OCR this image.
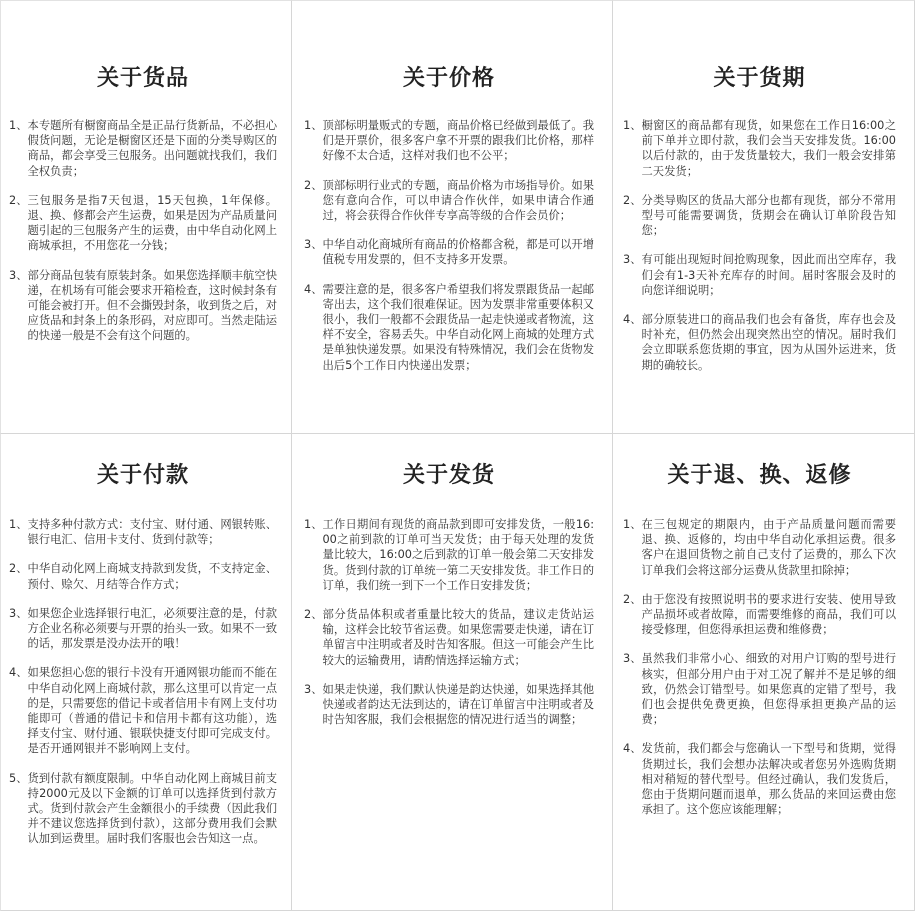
关于货品
1 、	本专题所有橱窗商品全是正品行货新品，不必担心假货问题，无论是橱窗区还是下面的分类导购区的商品，都会享受三包服务。出问题就找我们，我们全权负责；
2 、	三包服务是指7天包退，15天包换，1年保修。退、换、修都会产生运费，如果是因为产品质量问题引起的三包服务产生的运费，由中华自动化网上商城承担，不用您花一分钱；
3 、	部分商品包装有原装封条。如果您选择顺丰航空快递，在机场有可能会要求开箱检查，这时候封条有可能会被打开。但不会撕毁封条，收到货之后，对应货品和封条上的条形码，对应即可。当然走陆运的快递一般是不会有这个问题的。
关于价格
1 、	顶部标明量贩式的专题，商品价格已经做到最低了。我们是开票价，很多客户拿不开票的跟我们比价格，那样好像不太合适，这样对我们也不公平；
2 、	顶部标明行业式的专题，商品价格为市场指导价。如果您有意向合作，可以申请合作伙伴，如果申请合作通过，将会获得合作伙伴专享高等级的合作会员价；
3 、	中华自动化商城所有商品的价格都含税，都是可以开增值税专用发票的，但不支持多开发票。
4 、	需要注意的是，很多客户希望我们将发票跟货品一起邮寄出去，这个我们很难保证。因为发票非常重要体积又很小，我们一般都不会跟货品一起走快递或者物流，这样不安全，容易丢失。中华自动化网上商城的处理方式是单独快递发票。如果没有特殊情况，我们会在货物发出后5个工作日内快递出发票；
关于货期
1 、	橱窗区的商品都有现货，如果您在工作日16:00之前下单并立即付款，我们会当天安排发货。16:00以后付款的，由于发货量较大，我们一般会安排第二天发货；
2 、	分类导购区的货品大部分也都有现货，部分不常用型号可能需要调货，货期会在确认订单阶段告知您；
3 、	有可能出现短时间抢购现象，因此而出空库存，我们会有1-3天补充库存的时间。届时客服会及时的向您详细说明；
4 、	部分原装进口的商品我们也会有备货，库存也会及时补充，但仍然会出现突然出空的情况。届时我们会立即联系您货期的事宜，因为从国外运进来，货期的确较长。
关于付款
1 、	支持多种付款方式：支付宝、财付通、网银转账、银行电汇、信用卡支付、货到付款等；
2 、	中华自动化网上商城支持款到发货，不支持定金、预付、赊欠、月结等合作方式；
3 、	如果您企业选择银行电汇，必须要注意的是，付款方企业名称必须要与开票的抬头一致。如果不一致的话，那发票是没办法开的哦！
4 、	如果您担心您的银行卡没有开通网银功能而不能在中华自动化网上商城付款，那么这里可以肯定一点的是，只需要您的借记卡或者信用卡有网上支付功能即可（普通的借记卡和信用卡都有这功能），选择支付宝、财付通、银联快捷支付即可完成支付。是否开通网银并不影响网上支付。
5 、	货到付款有额度限制。中华自动化网上商城目前支持2000元及以下金额的订单可以选择货到付款方式。货到付款会产生金额很小的手续费（因此我们并不建议您选择货到付款），这部分费用我们会默认加到运费里。届时我们客服也会告知这一点。
关于发货
1 、	工作日期间有现货的商品款到即可安排发货，一般16:00之前到款的订单可当天发货；由于每天处理的发货量比较大，16:00之后到款的订单一般会第二天安排发货。货到付款的订单统一第二天安排发货。非工作日的订单，我们统一到下一个工作日安排发货；
2 、	部分货品体积或者重量比较大的货品，建议走货站运输，这样会比较节省运费。如果您需要走快递，请在订单留言中注明或者及时告知客服。但这一可能会产生比较大的运输费用，请酌情选择运输方式；
3 、	如果走快递，我们默认快递是韵达快递，如果选择其他快递或者韵达无法到达的，请在订单留言中注明或者及时告知客服，我们会根据您的情况进行适当的调整；
关于退、换、返修
1 、	在三包规定的期限内，由于产品质量问题而需要退、换、返修的，均由中华自动化承担运费。很多客户在退回货物之前自己支付了运费的，那么下次订单我们会将这部分运费从货款里扣除掉；
2 、	由于您没有按照说明书的要求进行安装、使用导致产品损坏或者故障，而需要维修的商品，我们可以接受修理，但您得承担运费和维修费；
3 、	虽然我们非常小心、细致的对用户订购的型号进行核实，但部分用户由于对工况了解并不是足够的细致，仍然会订错型号。如果您真的定错了型号，我们也会提供免费更换，但您得承担更换产品的运费；
4 、	发货前，我们都会与您确认一下型号和货期，觉得货期过长，我们会想办法解决或者您另外选购货期相对稍短的替代型号。但经过确认，我们发货后，您由于货期问题而退单，那么货品的来回运费由您承担了。这个您应该能理解；
